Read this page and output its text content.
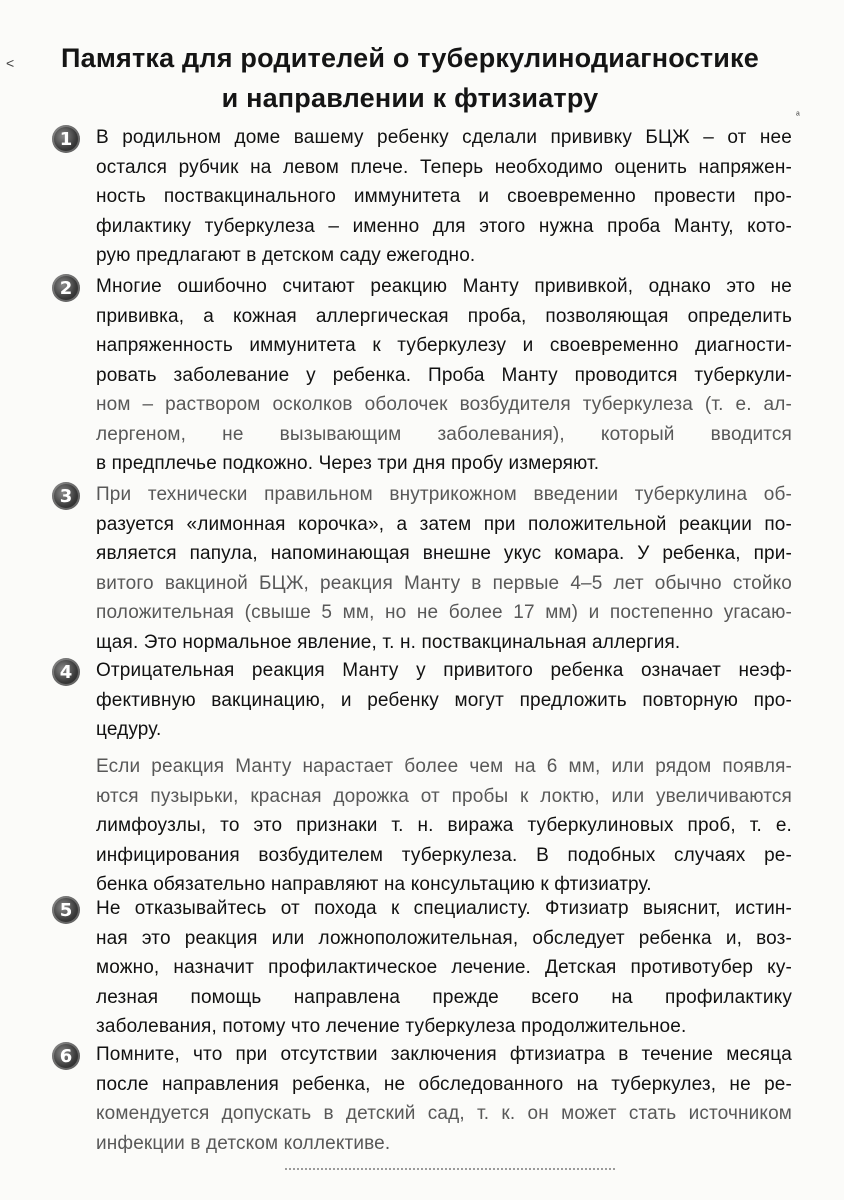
˂
ᵃ
Памятка для родителей о туберкулинодиагностике
и направлении к фтизиатру
1	В родильном доме вашему ребенку сделали прививку БЦЖ – от нее
остался рубчик на левом плече. Теперь необходимо оценить напряжен-
ность поствакцинального иммунитета и своевременно провести про-
филактику туберкулеза – именно для этого нужна проба Манту, кото-
рую предлагают в детском саду ежегодно.
2	Многие ошибочно считают реакцию Манту прививкой, однако это не
прививка, а кожная аллергическая проба, позволяющая определить
напряженность иммунитета к туберкулезу и своевременно диагности-
ровать заболевание у ребенка. Проба Манту проводится туберкули-
ном – раствором осколков оболочек возбудителя туберкулеза (т. е. ал-
лергеном, не вызывающим заболевания), который вводится
в предплечье подкожно. Через три дня пробу измеряют.
3	При технически правильном внутрикожном введении туберкулина об-
разуется «лимонная корочка», а затем при положительной реакции по-
является папула, напоминающая внешне укус комара. У ребенка, при-
витого вакциной БЦЖ, реакция Манту в первые 4–5 лет обычно стойко
положительная (свыше 5 мм, но не более 17 мм) и постепенно угасаю-
щая. Это нормальное явление, т. н. поствакцинальная аллергия.
4	Отрицательная реакция Манту у привитого ребенка означает неэф-
фективную вакцинацию, и ребенку могут предложить повторную про-
цедуру.
Если реакция Манту нарастает более чем на 6 мм, или рядом появля-
ются пузырьки, красная дорожка от пробы к локтю, или увеличиваются
лимфоузлы, то это признаки т. н. виража туберкулиновых проб, т. е.
инфицирования возбудителем туберкулеза. В подобных случаях ре-
бенка обязательно направляют на консультацию к фтизиатру.
5	Не отказывайтесь от похода к специалисту. Фтизиатр выяснит, истин-
ная это реакция или ложноположительная, обследует ребенка и, воз-
можно, назначит профилактическое лечение. Детская противотубер ку-
лезная помощь направлена прежде всего на профилактику
заболевания, потому что лечение туберкулеза продолжительное.
6	Помните, что при отсутствии заключения фтизиатра в течение месяца
после направления ребенка, не обследованного на туберкулез, не ре-
комендуется допускать в детский сад, т. к. он может стать источником
инфекции в детском коллективе.
